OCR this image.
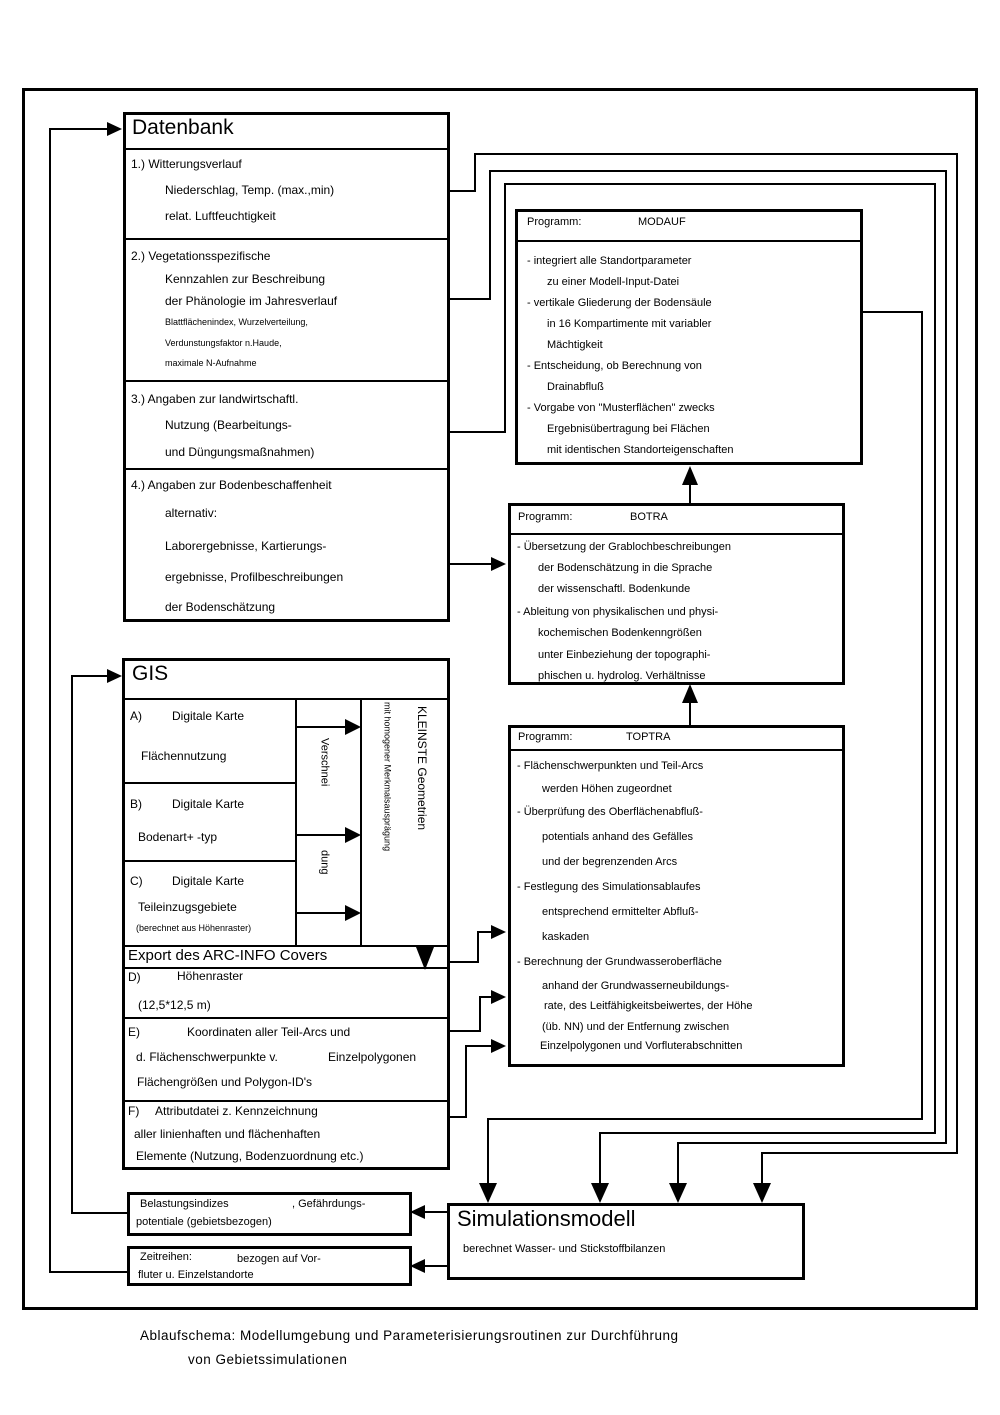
Datenbank
1.) Witterungsverlauf
Niederschlag, Temp. (max.,min)
relat. Luftfeuchtigkeit
2.) Vegetationsspezifische
Kennzahlen zur Beschreibung
der Phänologie im Jahresverlauf
Blattflächenindex, Wurzelverteilung,
Verdunstungsfaktor n.Haude,
maximale N-Aufnahme
3.) Angaben zur landwirtschaftl.
Nutzung (Bearbeitungs-
und Düngungsmaßnahmen)
4.) Angaben zur Bodenbeschaffenheit
alternativ:
Laborergebnisse, Kartierungs-
ergebnisse, Profilbeschreibungen
der Bodenschätzung
Programm:	MODAUF
- integriert alle Standortparameter
zu einer Modell-Input-Datei
- vertikale Gliederung der Bodensäule
in 16 Kompartimente mit variabler
Mächtigkeit
- Entscheidung, ob Berechnung von
Drainabfluß
- Vorgabe von "Musterflächen" zwecks
Ergebnisübertragung bei Flächen
mit identischen Standorteigenschaften
Programm:	BOTRA
- Übersetzung der Grablochbeschreibungen
der Bodenschätzung in die Sprache
der wissenschaftl. Bodenkunde
- Ableitung von physikalischen und physi-
kochemischen Bodenkenngrößen
unter Einbeziehung der topographi-
phischen u. hydrolog. Verhältnisse
Programm:	TOPTRA
- Flächenschwerpunkten und Teil-Arcs
werden Höhen zugeordnet
- Überprüfung des Oberflächenabfluß-
potentials anhand des Gefälles
und der begrenzenden Arcs
- Festlegung des Simulationsablaufes
entsprechend ermittelter Abfluß-
kaskaden
- Berechnung der Grundwasseroberfläche
anhand der Grundwasserneubildungs-
rate, des Leitfähigkeitsbeiwertes, der Höhe
(üb. NN) und der Entfernung zwischen
Einzelpolygonen und Vorfluterabschnitten
GIS
A)	Digitale Karte
Flächennutzung
B)	Digitale Karte
Bodenart+ -typ
C) Digitale Karte
Teileinzugsgebiete
(berechnet aus Höhenraster)
Verschnei
dung
mit homogener Merkmalsausprägung KLEINSTE Geometrien
Export des ARC-INFO Covers
D)	Höhenraster
(12,5*12,5 m)
E)	Koordinaten aller Teil-Arcs und
d. Flächenschwerpunkte v.	Einzelpolygonen
Flächengrößen und Polygon-ID's
F) Attributdatei z. Kennzeichnung
aller linienhaften und flächenhaften
Elemente (Nutzung, Bodenzuordnung etc.)
Simulationsmodell
berechnet Wasser- und Stickstoffbilanzen
Belastungsindizes	, Gefährdungs-
potentiale (gebietsbezogen)
Zeitreihen:	bezogen auf Vor-
fluter u. Einzelstandorte
Ablaufschema: Modellumgebung und Parameterisierungsroutinen zur Durchführung
von Gebietssimulationen
